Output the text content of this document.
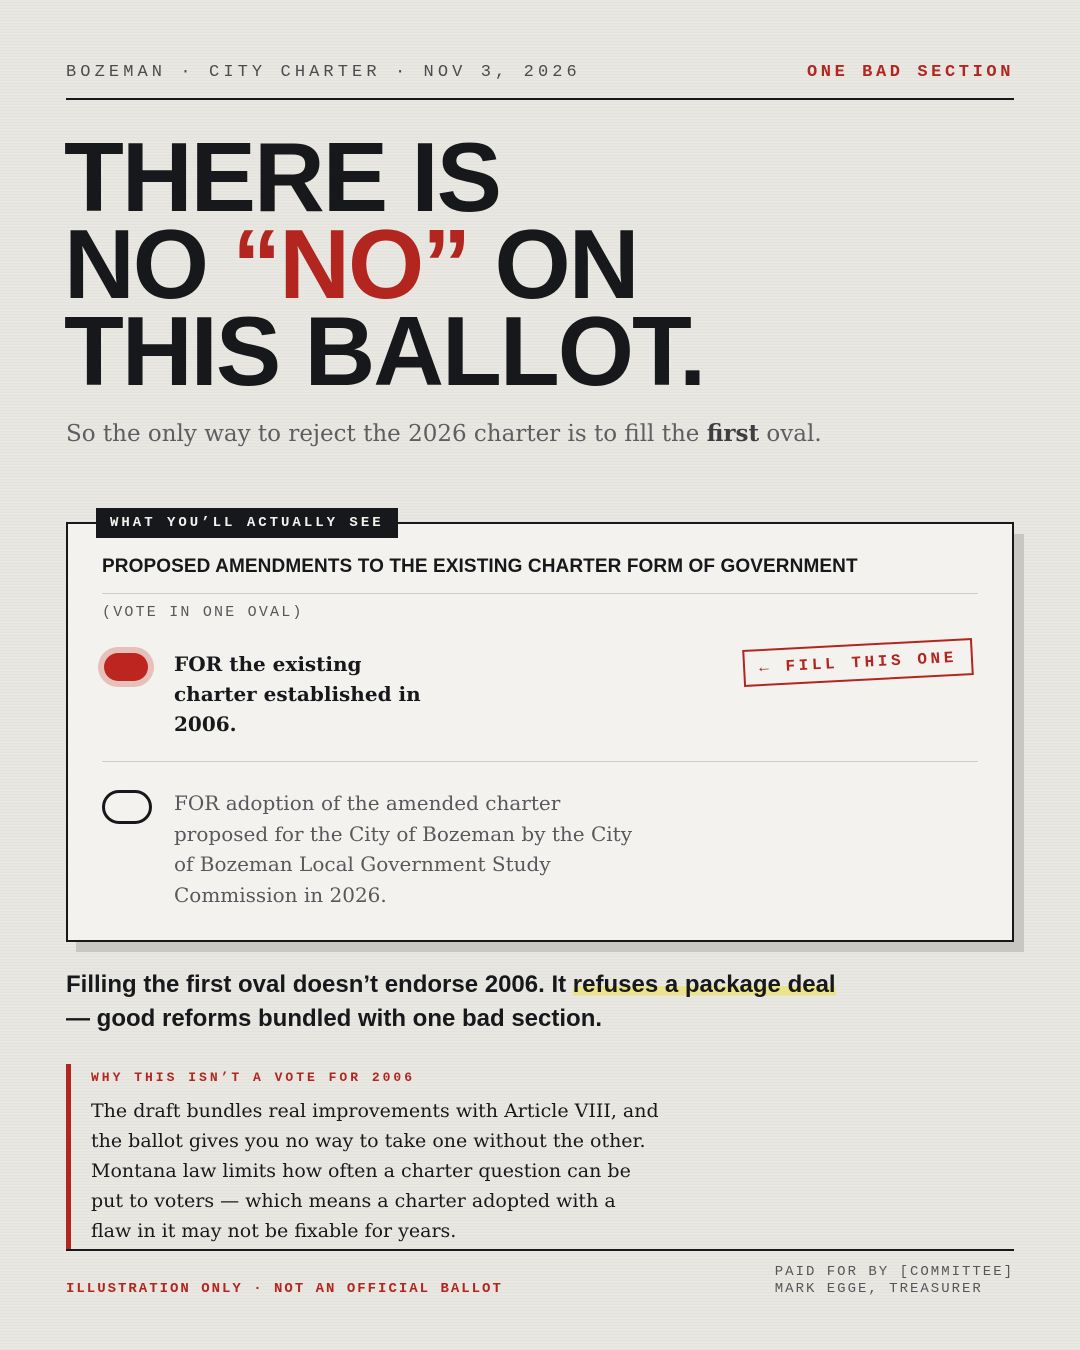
BOZEMAN · CITY CHARTER · NOV 3, 2026	ONE BAD SECTION
THERE IS
NO “NO” ON
THIS BALLOT.

So the only way to reject the 2026 charter is to fill the first oval.

PROPOSED AMENDMENTS TO THE EXISTING CHARTER FORM OF GOVERNMENT
(VOTE IN ONE OVAL)
FOR the existing charter established in 2006.
← FILL THIS ONE
FOR adoption of the amended charter proposed for the City of Bozeman by the City of Bozeman Local Government Study Commission in 2026.
WHAT YOU’LL ACTUALLY SEE

Filling the first oval doesn’t endorse 2006. It refuses a package deal — good reforms bundled with one bad section.

WHY THIS ISN’T A VOTE FOR 2006

The draft bundles real improvements with Article VIII, and the ballot gives you no way to take one without the other. Montana law limits how often a charter question can be put to voters — which means a charter adopted with a flaw in it may not be fixable for years.

ILLUSTRATION ONLY · NOT AN OFFICIAL BALLOT
PAID FOR BY [COMMITTEE]
MARK EGGE, TREASURER
